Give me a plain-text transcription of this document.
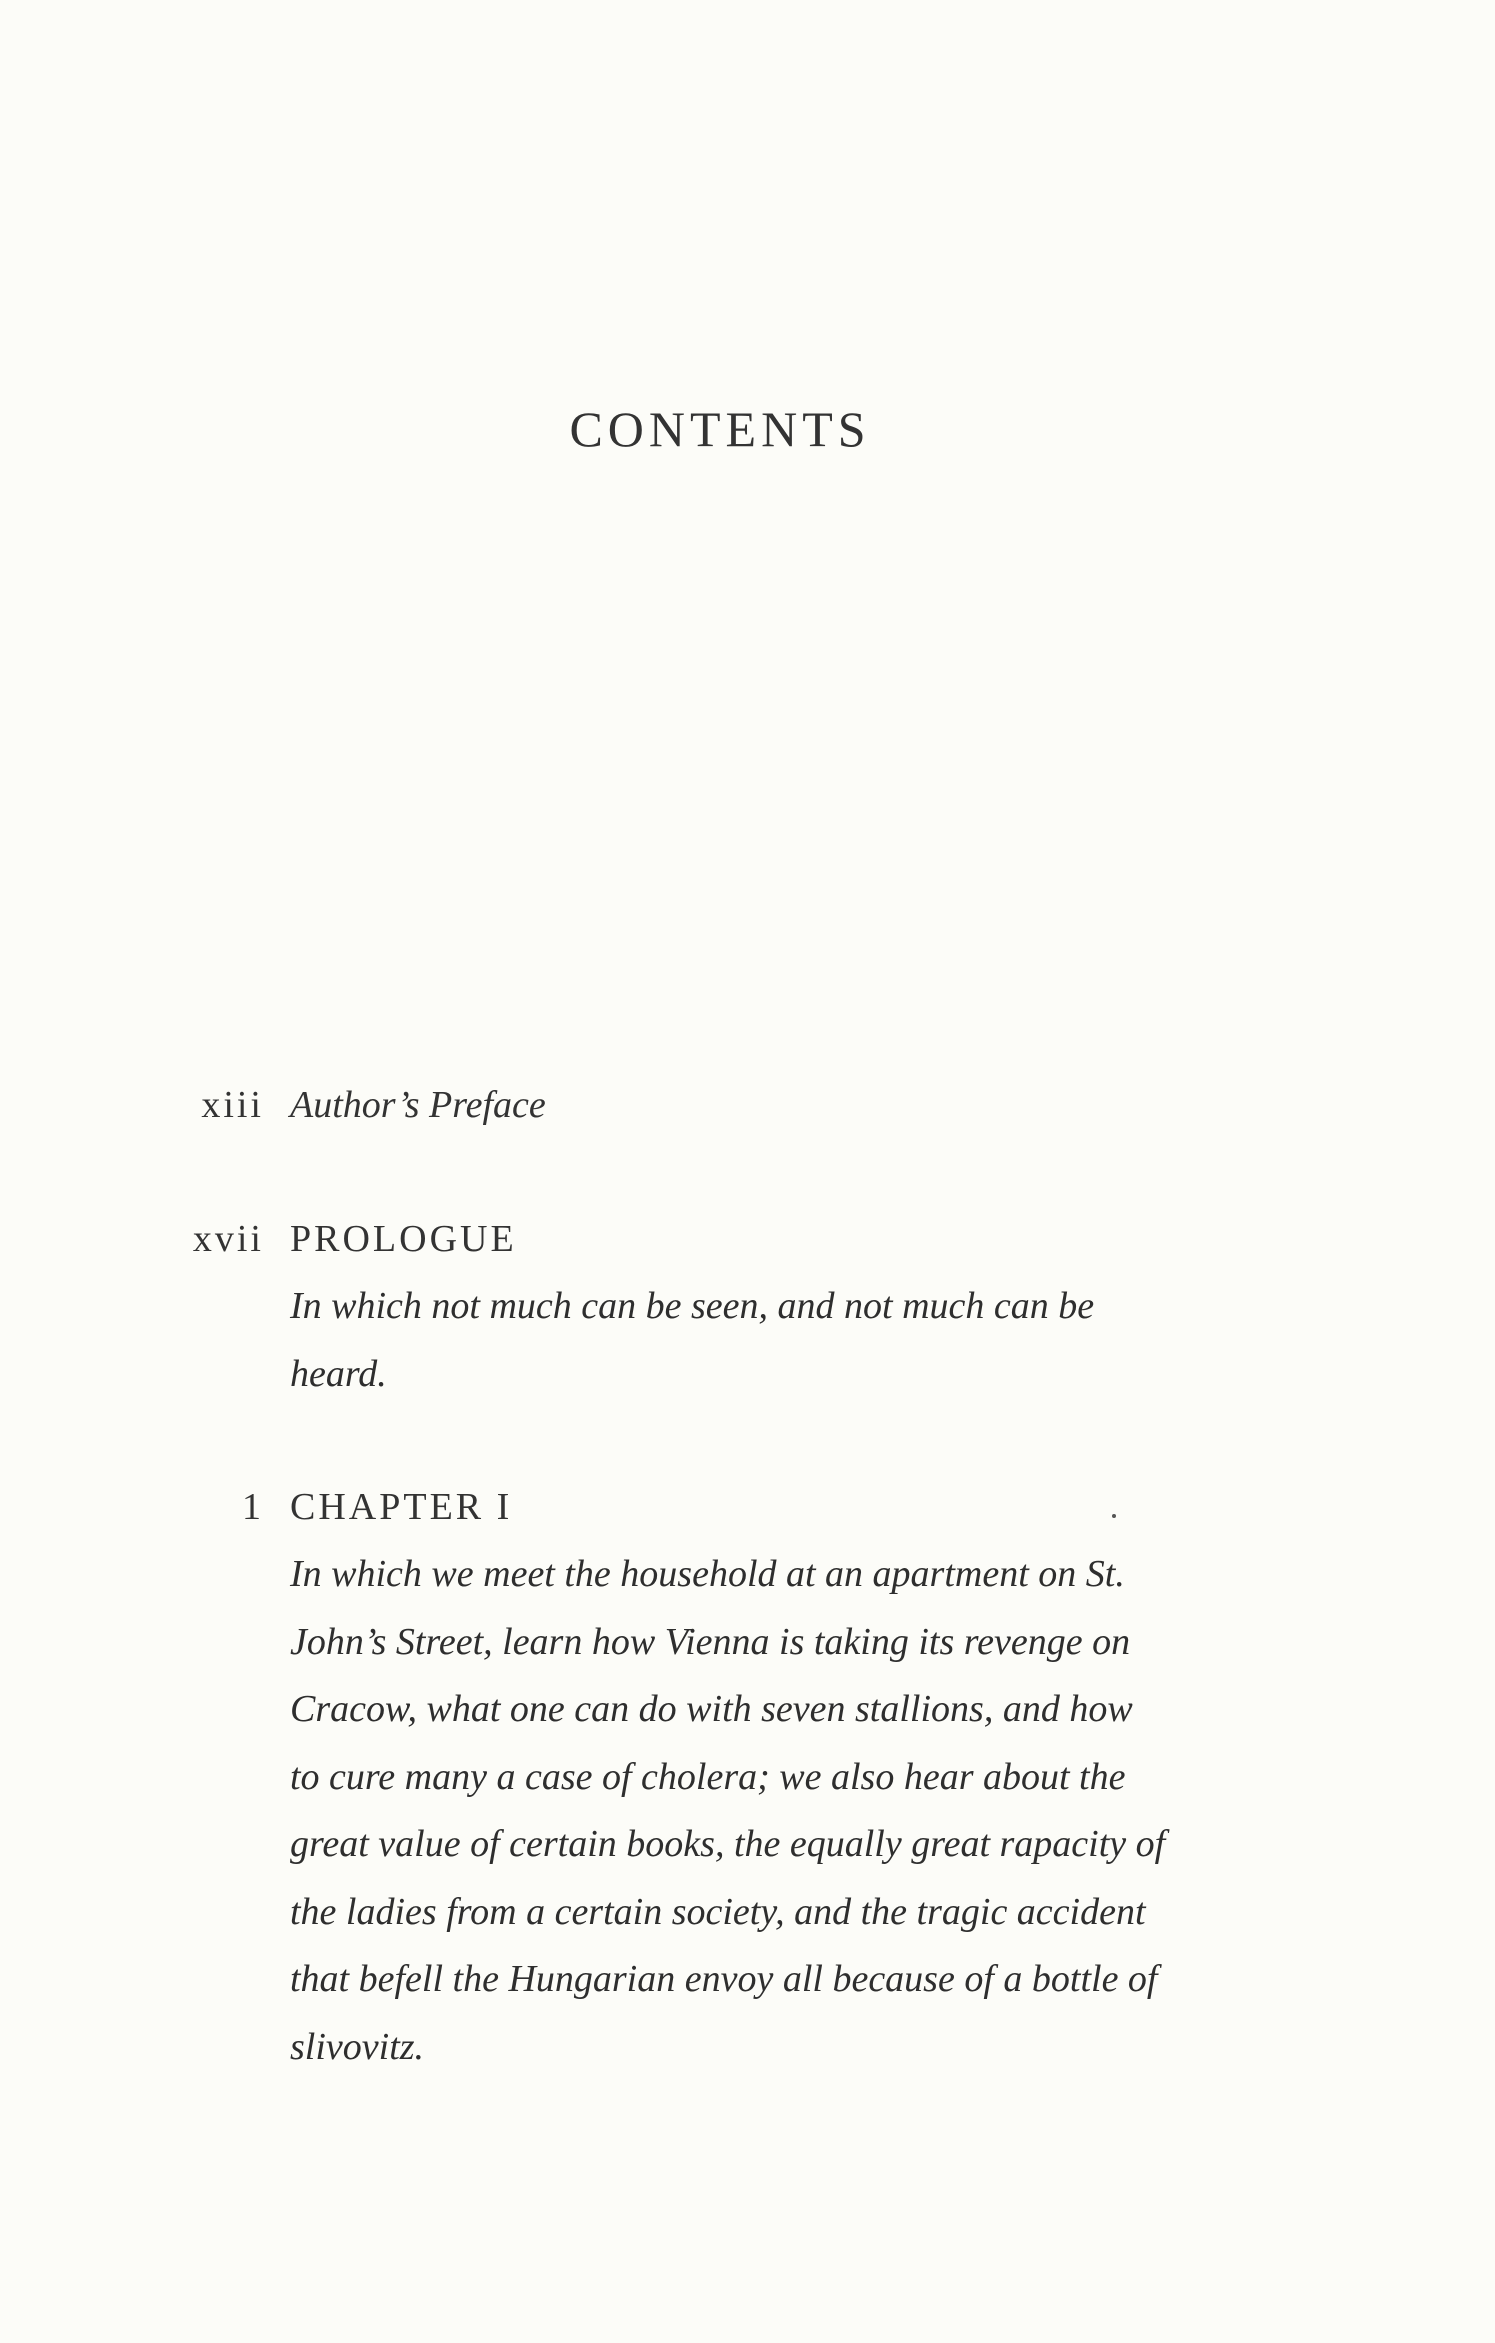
CONTENTS
xiii Author’s Preface
xvii PROLOGUE
In which not much can be seen, and not much can be
heard.
1 CHAPTER I
In which we meet the household at an apartment on St.
John’s Street, learn how Vienna is taking its revenge on
Cracow, what one can do with seven stallions, and how
to cure many a case of cholera; we also hear about the
great value of certain books, the equally great rapacity of
the ladies from a certain society, and the tragic accident
that befell the Hungarian envoy all because of a bottle of
slivovitz.
